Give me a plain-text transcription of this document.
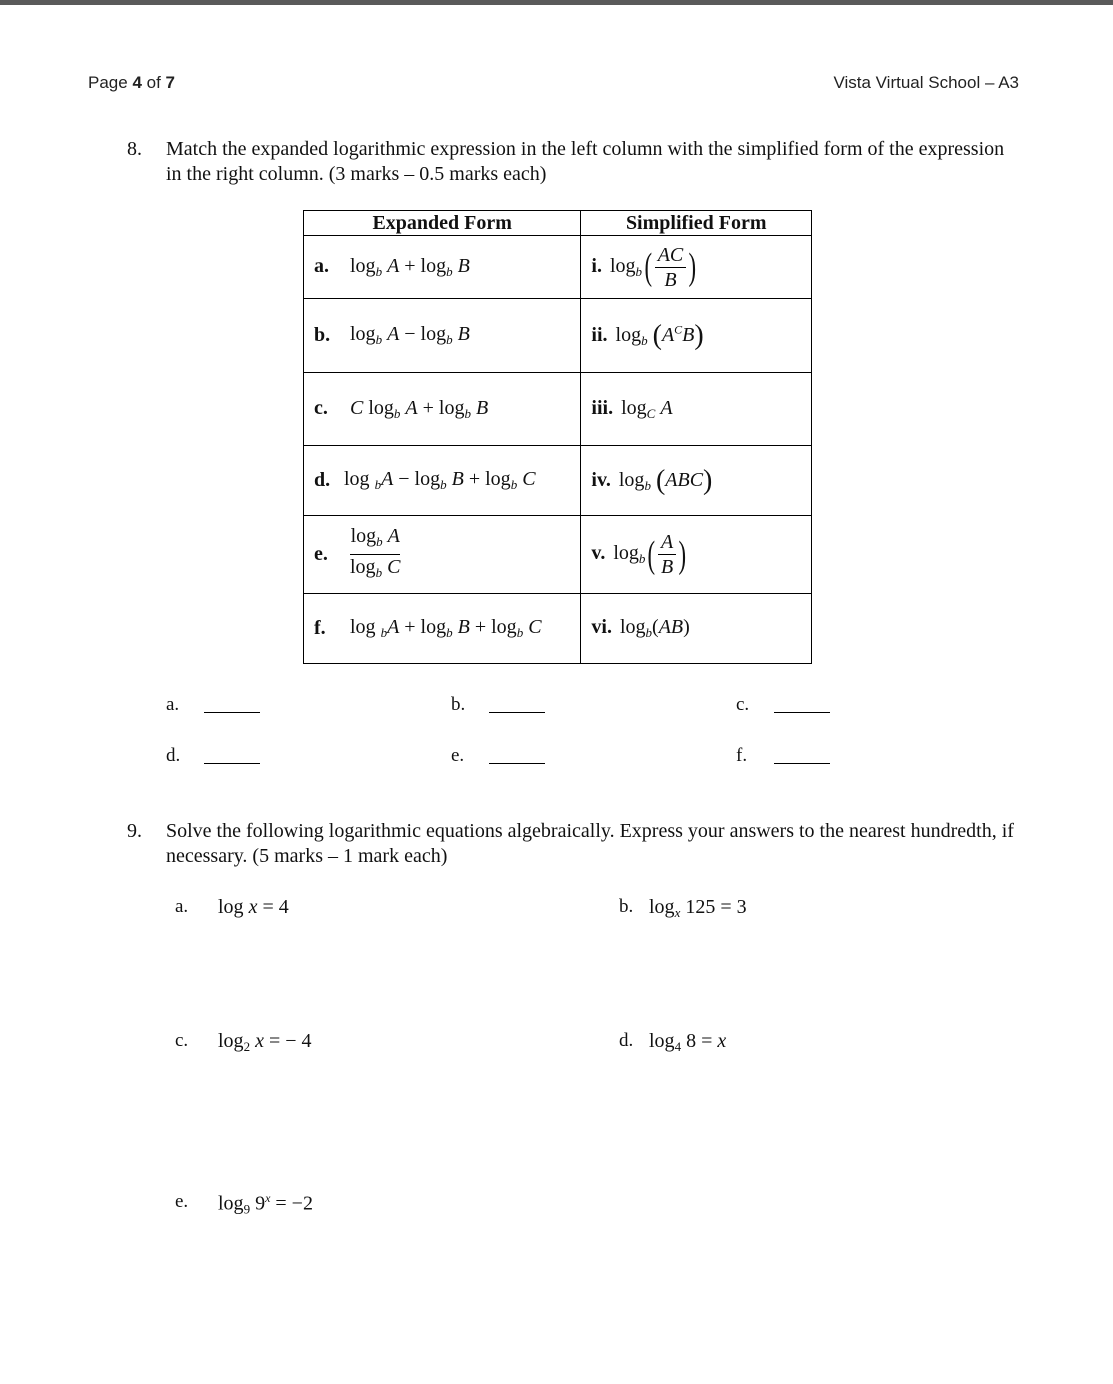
Page 4 of 7	Vista Virtual School – A3
8. Match the expanded logarithmic expression in the left column with the simplified form of the expression in the right column. (3 marks – 0.5 marks each)
Expanded Form	Simplified Form
a. $\log_b A + \log_b B$	i. $\log_b( \frac{AC}{B}$ )
b. $\log_b A - \log_b B$	ii. $\log_b (A^CB)$
c. C $\log_b A + \log_b B$	iii. $\log_C A$
d. $\log _bA - \log_b B + \log_b C$	iv. $\log_b (ABC)$
e. $\frac{\log_b A}{\log_b C}$	v. $\log_b( \frac{A}{B}$ )
f. $\log _bA + \log_b B + \log_b C$	vi. $\log_b(AB)$
a.	b.	c.
d.	e.	f.
9. Solve the following logarithmic equations algebraically. Express your answers to the nearest hundredth, if necessary. (5 marks – 1 mark each)
a. log x = 4	b. $\log_x 125 = 3$
c. $\log_2 x$ = − 4	d. $\log_4 8 = x$
e. $\log_9 9^x = -2$
